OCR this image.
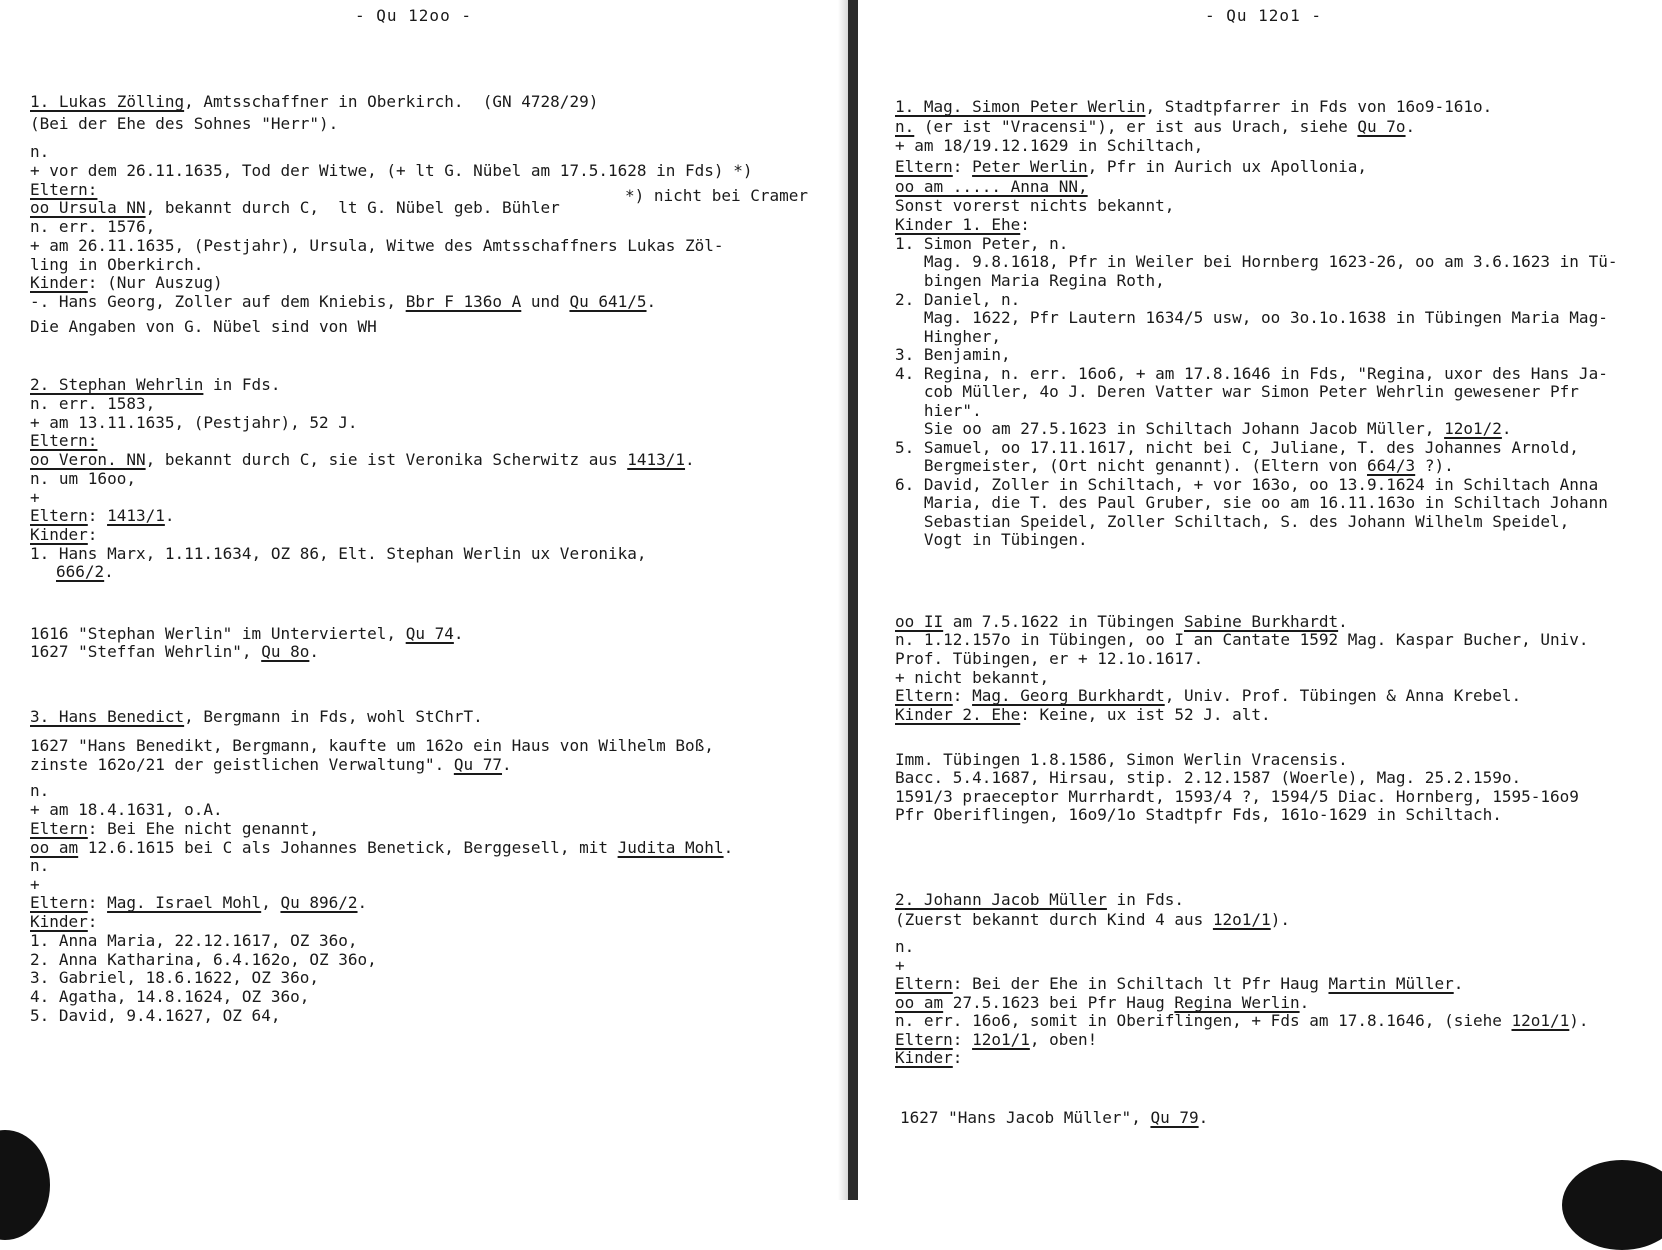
- Qu 12oo -
1. Lukas Zölling, Amtsschaffner in Oberkirch.  (GN 4728/29)
(Bei der Ehe des Sohnes "Herr").
n.
+ vor dem 26.11.1635, Tod der Witwe, (+ lt G. Nübel am 17.5.1628 in Fds) *)
Eltern:	*) nicht bei Cramer
oo Ursula NN, bekannt durch C,  lt G. Nübel geb. Bühler
n. err. 1576,
+ am 26.11.1635, (Pestjahr), Ursula, Witwe des Amtsschaffners Lukas Zöl-
ling in Oberkirch.
Kinder: (Nur Auszug)
-. Hans Georg, Zoller auf dem Kniebis, Bbr F 136o A und Qu 641/5.
Die Angaben von G. Nübel sind von WH
2. Stephan Wehrlin in Fds.
n. err. 1583,
+ am 13.11.1635, (Pestjahr), 52 J.
Eltern:
oo Veron. NN, bekannt durch C, sie ist Veronika Scherwitz aus 1413/1.
n. um 16oo,
+
Eltern: 1413/1.
Kinder:
1. Hans Marx, 1.11.1634, OZ 86, Elt. Stephan Werlin ux Veronika,
666/2.
1616 "Stephan Werlin" im Unterviertel, Qu 74.
1627 "Steffan Wehrlin", Qu 8o.
3. Hans Benedict, Bergmann in Fds, wohl StChrT.
1627 "Hans Benedikt, Bergmann, kaufte um 162o ein Haus von Wilhelm Boß,
zinste 162o/21 der geistlichen Verwaltung". Qu 77.
n.
+ am 18.4.1631, o.A.
Eltern: Bei Ehe nicht genannt,
oo am 12.6.1615 bei C als Johannes Benetick, Berggesell, mit Judita Mohl.
n.
+
Eltern: Mag. Israel Mohl, Qu 896/2.
Kinder:
1. Anna Maria, 22.12.1617, OZ 36o,
2. Anna Katharina, 6.4.162o, OZ 36o,
3. Gabriel, 18.6.1622, OZ 36o,
4. Agatha, 14.8.1624, OZ 36o,
5. David, 9.4.1627, OZ 64,
- Qu 12o1 -
1. Mag. Simon Peter Werlin, Stadtpfarrer in Fds von 16o9-161o.
n. (er ist "Vracensi"), er ist aus Urach, siehe Qu 7o.
+ am 18/19.12.1629 in Schiltach,
Eltern: Peter Werlin, Pfr in Aurich ux Apollonia,
oo am ..... Anna NN,
Sonst vorerst nichts bekannt,
Kinder 1. Ehe:
1. Simon Peter, n.
Mag. 9.8.1618, Pfr in Weiler bei Hornberg 1623-26, oo am 3.6.1623 in Tü-
bingen Maria Regina Roth,
2. Daniel, n.
Mag. 1622, Pfr Lautern 1634/5 usw, oo 3o.1o.1638 in Tübingen Maria Mag-
Hingher,
3. Benjamin,
4. Regina, n. err. 16o6, + am 17.8.1646 in Fds, "Regina, uxor des Hans Ja-
cob Müller, 4o J. Deren Vatter war Simon Peter Wehrlin gewesener Pfr
hier".
Sie oo am 27.5.1623 in Schiltach Johann Jacob Müller, 12o1/2.
5. Samuel, oo 17.11.1617, nicht bei C, Juliane, T. des Johannes Arnold,
Bergmeister, (Ort nicht genannt). (Eltern von 664/3 ?).
6. David, Zoller in Schiltach, + vor 163o, oo 13.9.1624 in Schiltach Anna
Maria, die T. des Paul Gruber, sie oo am 16.11.163o in Schiltach Johann
Sebastian Speidel, Zoller Schiltach, S. des Johann Wilhelm Speidel,
Vogt in Tübingen.
oo II am 7.5.1622 in Tübingen Sabine Burkhardt.
n. 1.12.157o in Tübingen, oo I an Cantate 1592 Mag. Kaspar Bucher, Univ.
Prof. Tübingen, er + 12.1o.1617.
+ nicht bekannt,
Eltern: Mag. Georg Burkhardt, Univ. Prof. Tübingen & Anna Krebel.
Kinder 2. Ehe: Keine, ux ist 52 J. alt.
Imm. Tübingen 1.8.1586, Simon Werlin Vracensis.
Bacc. 5.4.1687, Hirsau, stip. 2.12.1587 (Woerle), Mag. 25.2.159o.
1591/3 praeceptor Murrhardt, 1593/4 ?, 1594/5 Diac. Hornberg, 1595-16o9
Pfr Oberiflingen, 16o9/1o Stadtpfr Fds, 161o-1629 in Schiltach.
2. Johann Jacob Müller in Fds.
(Zuerst bekannt durch Kind 4 aus 12o1/1).
n.
+
Eltern: Bei der Ehe in Schiltach lt Pfr Haug Martin Müller.
oo am 27.5.1623 bei Pfr Haug Regina Werlin.
n. err. 16o6, somit in Oberiflingen, + Fds am 17.8.1646, (siehe 12o1/1).
Eltern: 12o1/1, oben!
Kinder:
1627 "Hans Jacob Müller", Qu 79.
